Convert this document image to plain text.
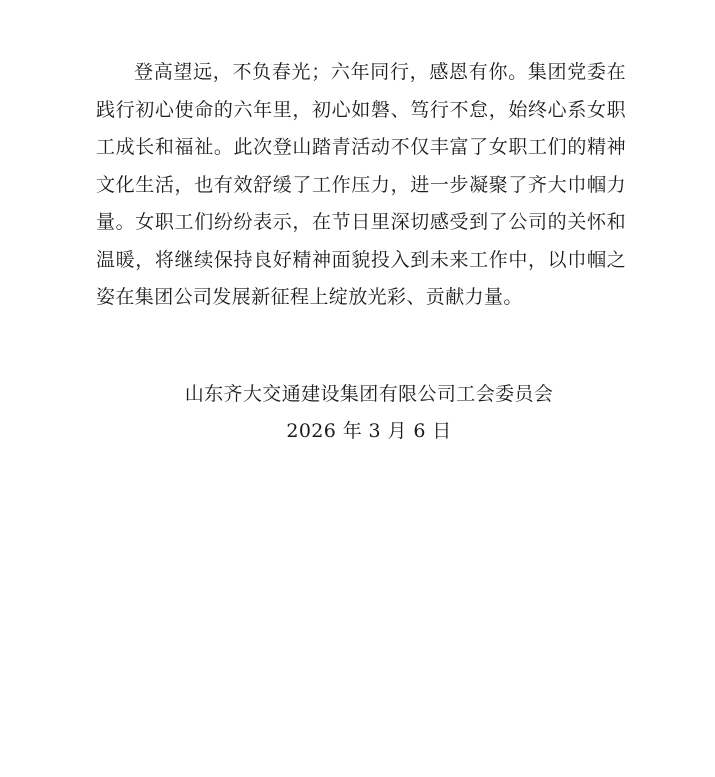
登高望远，不负春光；六年同行，感恩有你。集团党委在践行初心使命的六年里，初心如磐、笃行不怠，始终心系女职工成长和福祉。此次登山踏青活动不仅丰富了女职工们的精神文化生活，也有效舒缓了工作压力，进一步凝聚了齐大巾帼力量。女职工们纷纷表示，在节日里深切感受到了公司的关怀和温暖，将继续保持良好精神面貌投入到未来工作中，以巾帼之姿在集团公司发展新征程上绽放光彩、贡献力量。

山东齐大交通建设集团有限公司工会委员会
2026 年 3 月 6 日
